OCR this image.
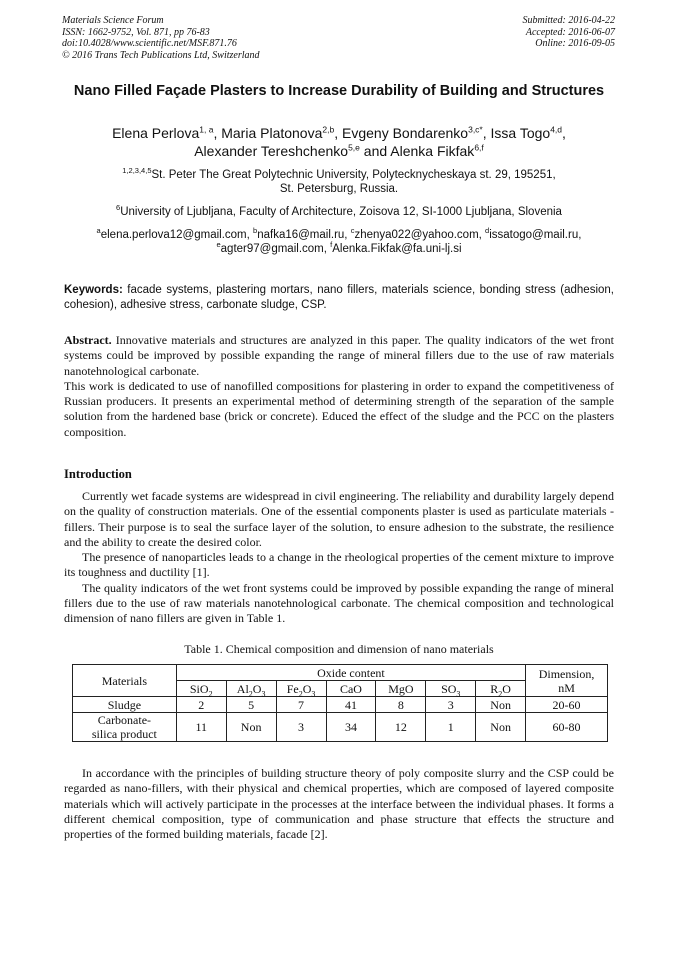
Materials Science Forum
ISSN: 1662-9752, Vol. 871, pp 76-83
doi:10.4028/www.scientific.net/MSF.871.76
© 2016 Trans Tech Publications Ltd, Switzerland
Submitted: 2016-04-22
Accepted: 2016-06-07
Online: 2016-09-05
Nano Filled Façade Plasters to Increase Durability of Building and Structures
Elena Perlova$^{1, a}$, Maria Platonova$^{2,b}$, Evgeny Bondarenko$^{3,c*}$, Issa Togo$^{4,d}$,
Alexander Tereshchenko$^{5,e}$ and Alenka Fikfak$^{6,f}$
$^{1,2,3,4,5}$St. Peter The Great Polytechnic University, Polytecknycheskaya st. 29, 195251,
St. Petersburg, Russia.
$^6$University of Ljubljana, Faculty of Architecture, Zoisova 12, SI-1000 Ljubljana, Slovenia
$^a$elena.perlova12@gmail.com, $^b$nafka16@mail.ru, $^c$zhenya022@yahoo.com, $^d$issatogo@mail.ru,
$^e$agter97@gmail.com, $^f$Alenka.Fikfak@fa.uni-lj.si
Keywords: facade systems, plastering mortars, nano fillers, materials science, bonding stress (adhesion, cohesion), adhesive stress, carbonate sludge, CSP.

Abstract. Innovative materials and structures are analyzed in this paper. The quality indicators of the wet front systems could be improved by possible expanding the range of mineral fillers due to the use of raw materials nanotehnological carbonate.

This work is dedicated to use of nanofilled compositions for plastering in order to expand the competitiveness of Russian producers. It presents an experimental method of determining strength of the separation of the sample solution from the hardened base (brick or concrete). Educed the effect of the sludge and the PCC on the plasters composition.

Introduction

Currently wet facade systems are widespread in civil engineering. The reliability and durability largely depend on the quality of construction materials. One of the essential components plaster is used as particulate materials - fillers. Their purpose is to seal the surface layer of the solution, to ensure adhesion to the substrate, the resilience and the ability to create the desired color.

The presence of nanoparticles leads to a change in the rheological properties of the cement mixture to improve its toughness and ductility [1].

The quality indicators of the wet front systems could be improved by possible expanding the range of mineral fillers due to the use of raw materials nanotehnological carbonate. The chemical composition and technological dimension of nano fillers are given in Table 1.

Table 1. Chemical composition and dimension of nano materials
Materials	Oxide content							Dimension,
nM
	SiO$_2$	$Al_2O_3$	$Fe_2O_3$	CaO	MgO	$SO_3$	$R_2O$	
Sludge	2	5	7	41	8	3	Non	20-60
Carbonate-
silica product	11	Non	3	34	12	1	Non	60-80

In accordance with the principles of building structure theory of poly composite slurry and the CSP could be regarded as nano-fillers, with their physical and chemical properties, which are composed of layered composite materials which will actively participate in the processes at the interface between the individual phases. It forms a different chemical composition, type of communication and phase structure that effects the structure and properties of the formed building materials, facade [2].
